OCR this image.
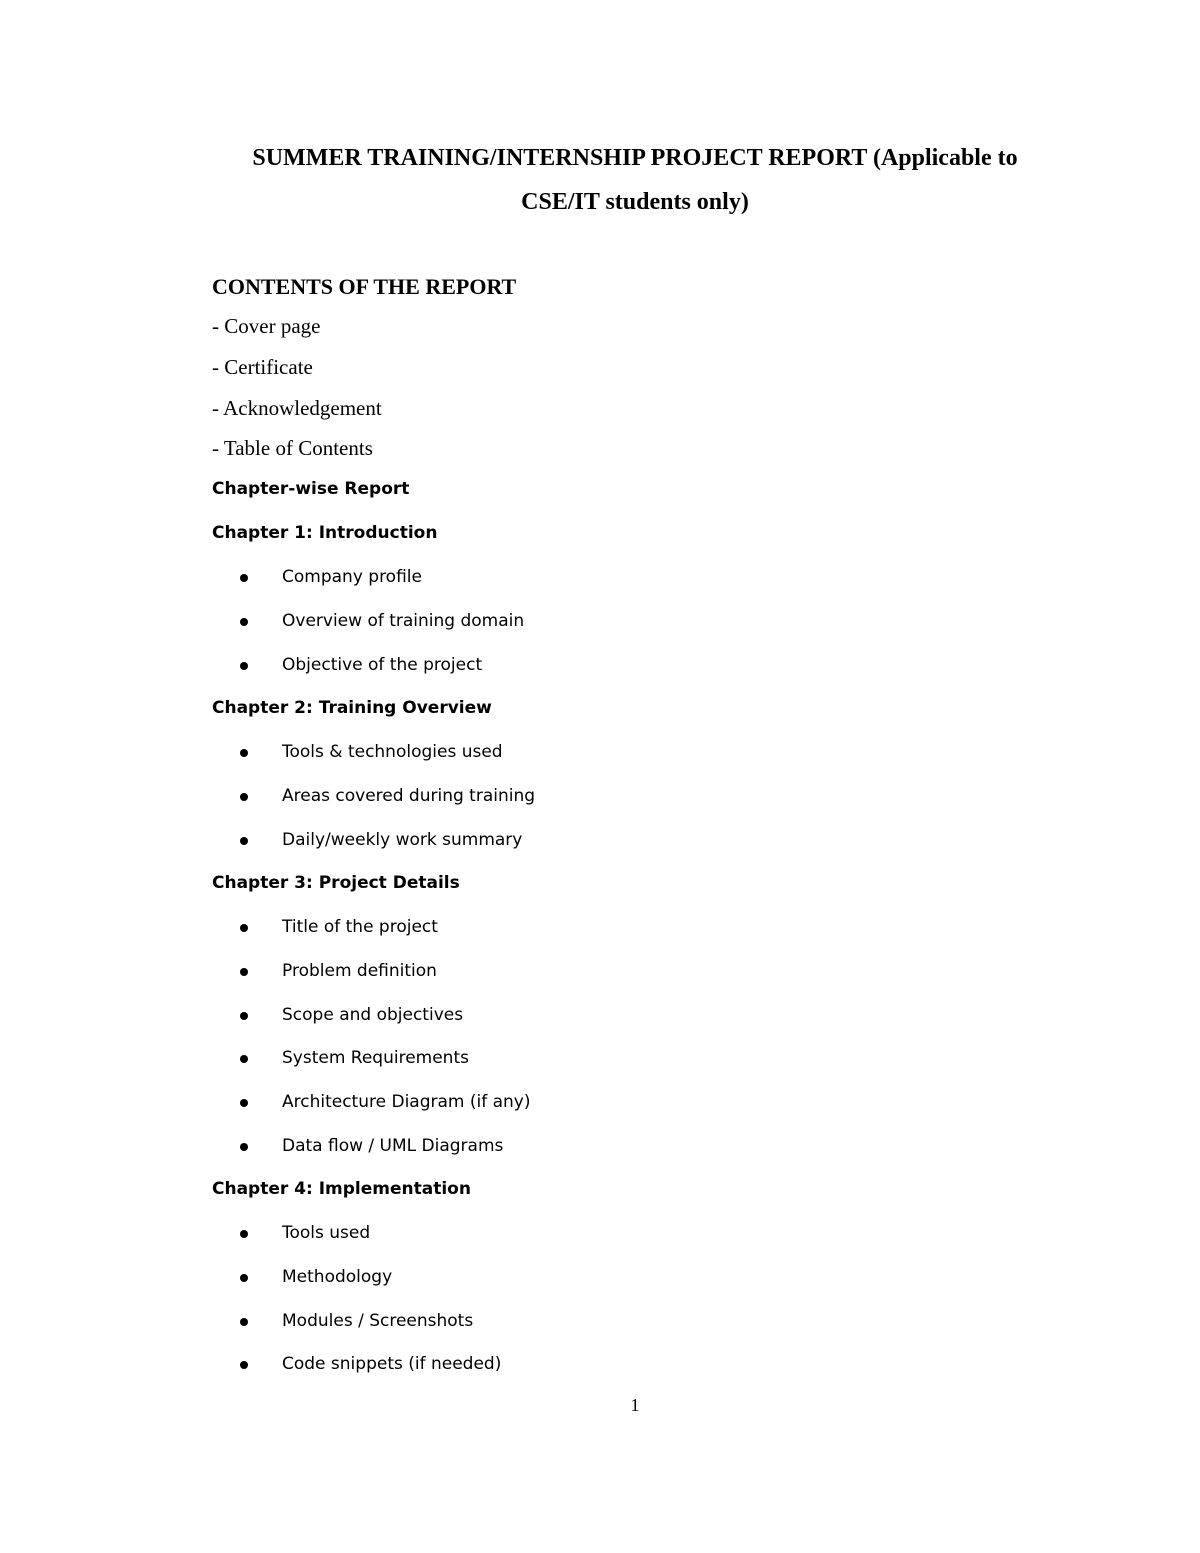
SUMMER TRAINING/INTERNSHIP PROJECT REPORT (Applicable to
CSE/IT students only)
CONTENTS OF THE REPORT
- Cover page
- Certificate
- Acknowledgement
- Table of Contents
Chapter-wise Report
Chapter 1: Introduction
Company profile
Overview of training domain
Objective of the project
Chapter 2: Training Overview
Tools & technologies used
Areas covered during training
Daily/weekly work summary
Chapter 3: Project Details
Title of the project
Problem definition
Scope and objectives
System Requirements
Architecture Diagram (if any)
Data flow / UML Diagrams
Chapter 4: Implementation
Tools used
Methodology
Modules / Screenshots
Code snippets (if needed)
1
